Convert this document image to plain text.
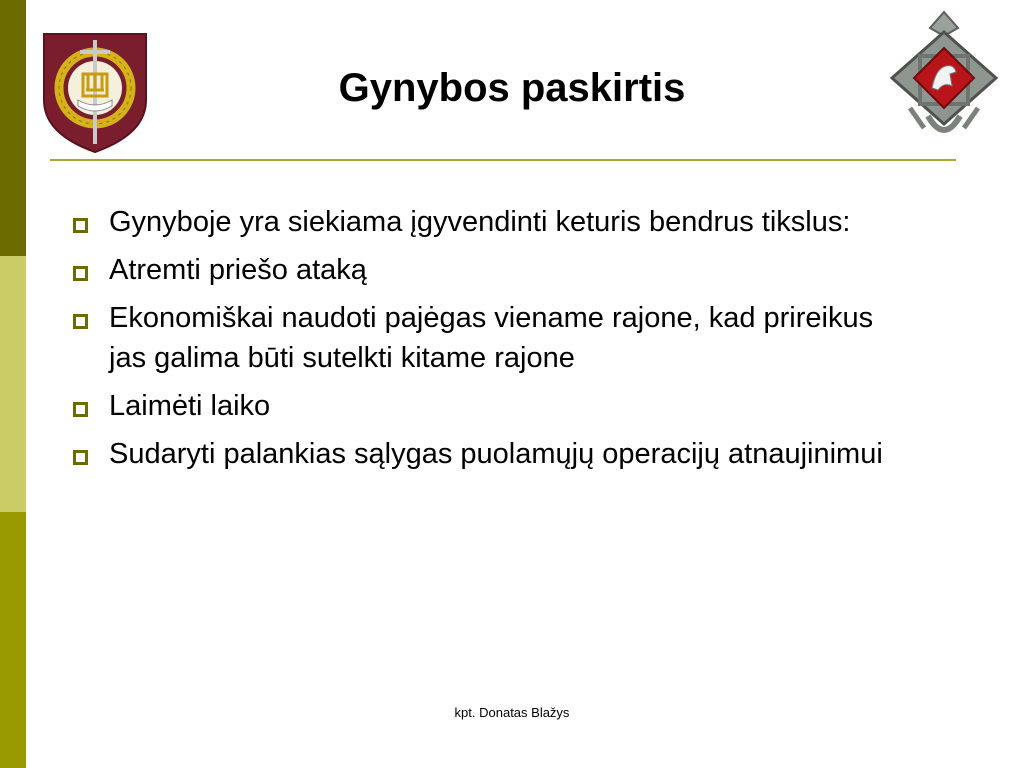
Gynybos paskirtis
Gynyboje yra siekiama įgyvendinti keturis bendrus tikslus:
Atremti priešo ataką
Ekonomiškai naudoti pajėgas viename rajone, kad prireikus jas galima būti sutelkti kitame rajone
Laimėti laiko
Sudaryti palankias sąlygas puolamųjų operacijų atnaujinimui
kpt. Donatas Blažys
